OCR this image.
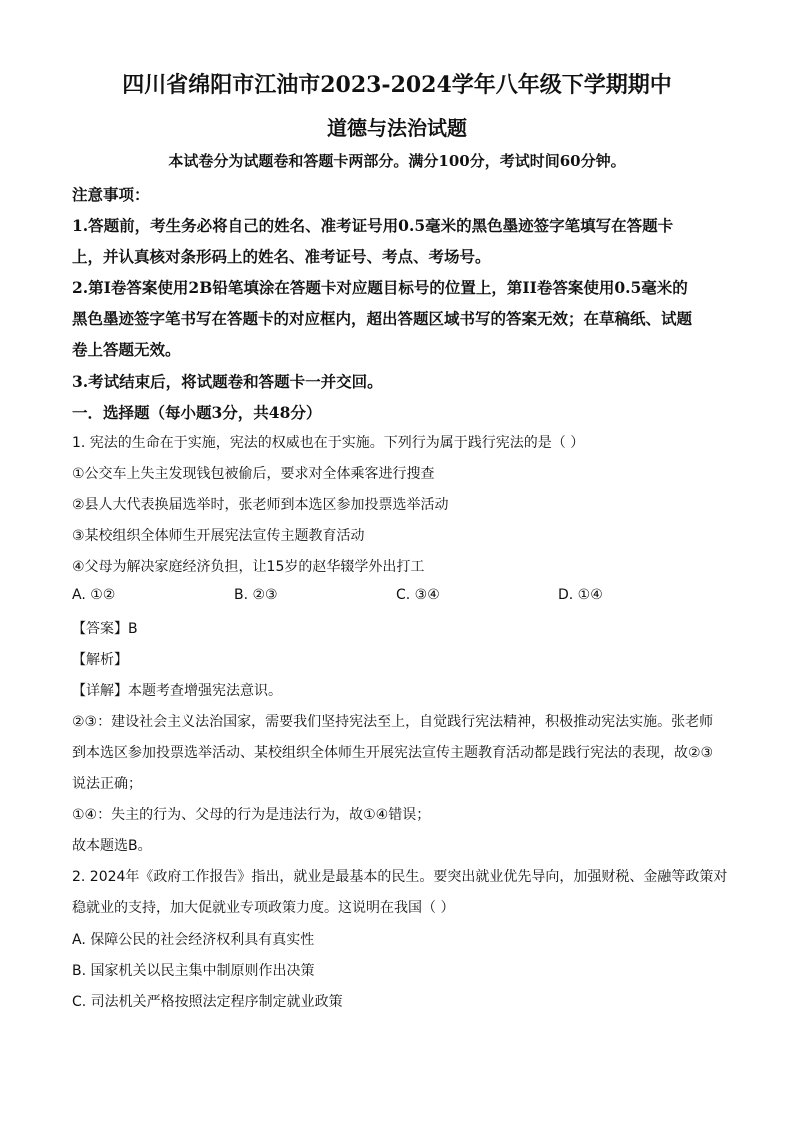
四川省绵阳市江油市2023-2024学年八年级下学期期中
道德与法治试题
本试卷分为试题卷和答题卡两部分。满分100分，考试时间60分钟。
注意事项：
1.答题前，考生务必将自己的姓名、准考证号用0.5毫米的黑色墨迹签字笔填写在答题卡
上，并认真核对条形码上的姓名、准考证号、考点、考场号。
2.第I卷答案使用2B铅笔填涂在答题卡对应题目标号的位置上，第II卷答案使用0.5毫米的
黑色墨迹签字笔书写在答题卡的对应框内，超出答题区域书写的答案无效；在草稿纸、试题
卷上答题无效。
3.考试结束后，将试题卷和答题卡一并交回。
一．选择题（每小题3分，共48分）
1. 宪法的生命在于实施，宪法的权威也在于实施。下列行为属于践行宪法的是（ ）
①公交车上失主发现钱包被偷后，要求对全体乘客进行搜查
②县人大代表换届选举时，张老师到本选区参加投票选举活动
③某校组织全体师生开展宪法宣传主题教育活动
④父母为解决家庭经济负担，让15岁的赵华辍学外出打工
A. ①②	B. ②③	C. ③④	D. ①④
【答案】B
【解析】
【详解】本题考查增强宪法意识。
②③：建设社会主义法治国家，需要我们坚持宪法至上，自觉践行宪法精神，积极推动宪法实施。张老师
到本选区参加投票选举活动、某校组织全体师生开展宪法宣传主题教育活动都是践行宪法的表现，故②③
说法正确；
①④：失主的行为、父母的行为是违法行为，故①④错误；
故本题选B。
2. 2024年《政府工作报告》指出，就业是最基本的民生。要突出就业优先导向，加强财税、金融等政策对
稳就业的支持，加大促就业专项政策力度。这说明在我国（ ）
A. 保障公民的社会经济权利具有真实性
B. 国家机关以民主集中制原则作出决策
C. 司法机关严格按照法定程序制定就业政策
